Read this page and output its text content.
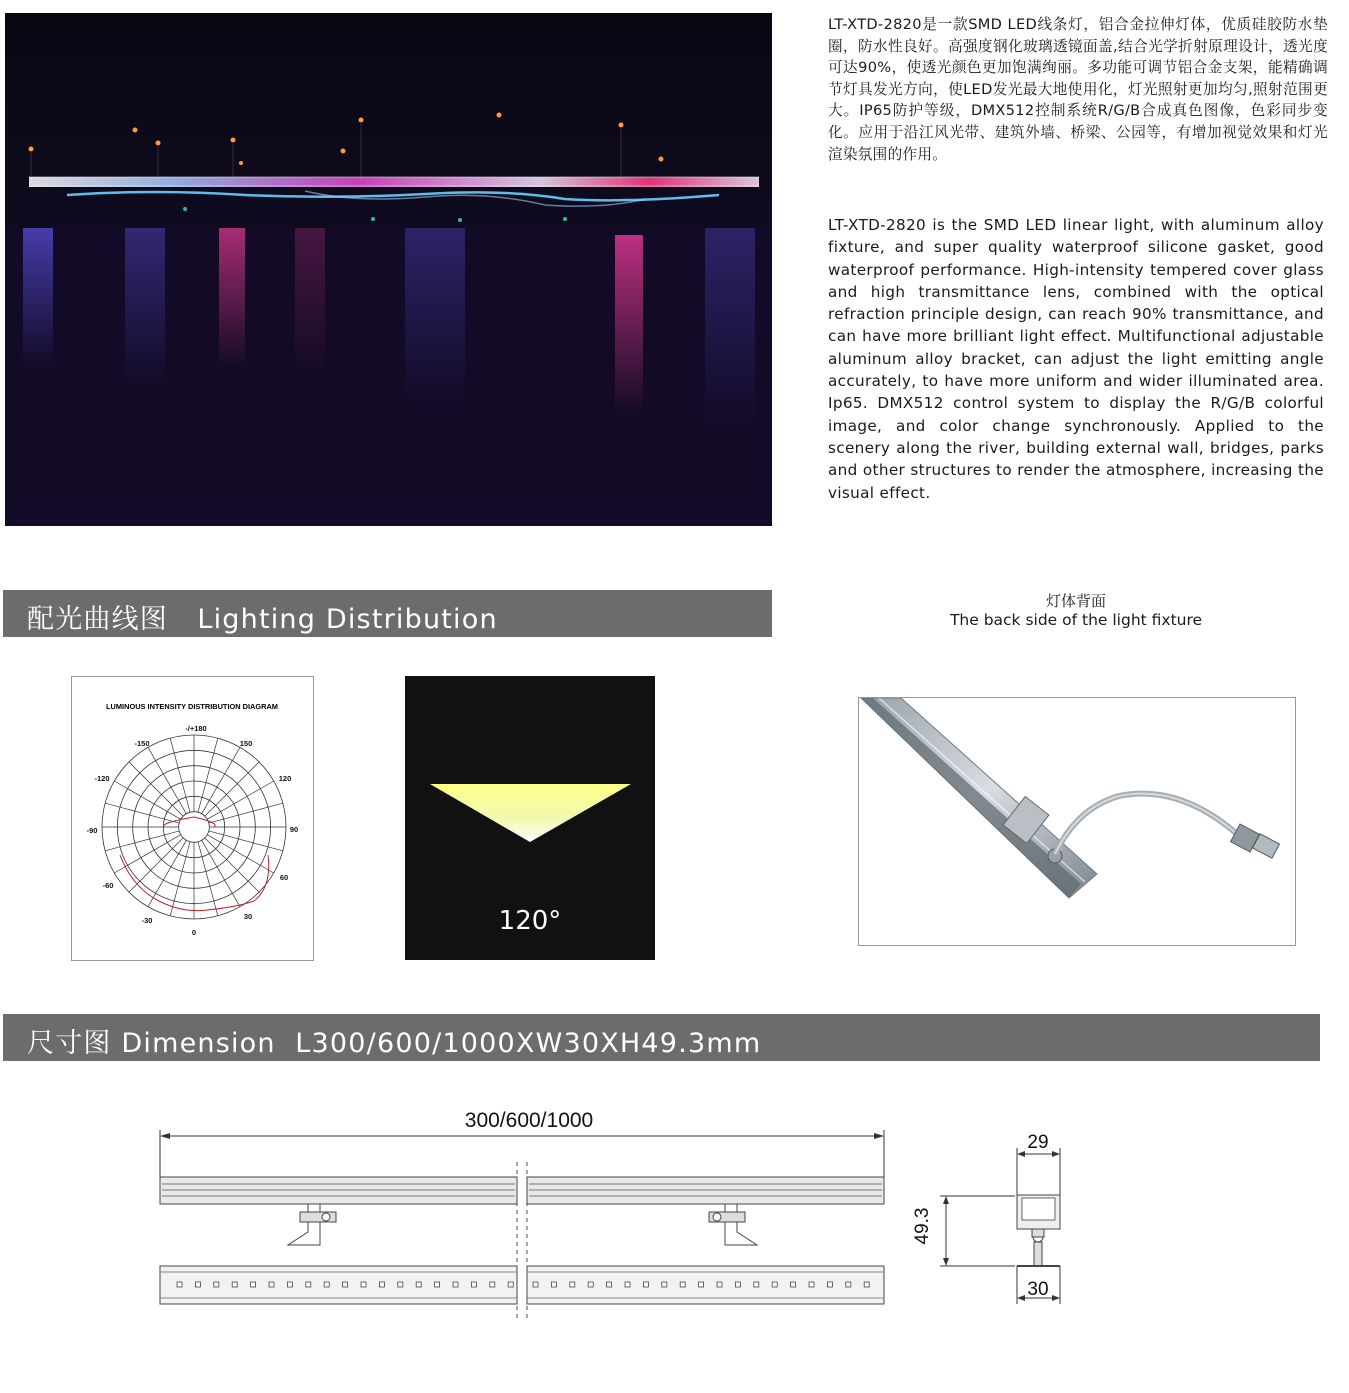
LT-XTD-2820是一款SMD LED线条灯，铝合金拉伸灯体，优质硅胶防水垫圈，防水性良好。高强度钢化玻璃透镜面盖,结合光学折射原理设计，透光度可达90%，使透光颜色更加饱满绚丽。多功能可调节铝合金支架，能精确调节灯具发光方向，使LED发光最大地使用化，灯光照射更加均匀,照射范围更大。IP65防护等级，DMX512控制系统R/G/B合成真色图像，色彩同步变化。应用于沿江风光带、建筑外墙、桥梁、公园等，有增加视觉效果和灯光渲染氛围的作用。
LT-XTD-2820 is the SMD LED linear light, with aluminum alloy fixture, and super quality waterproof silicone gasket, good waterproof performance. High-intensity tempered cover glass and high transmittance lens, combined with the optical refraction principle design, can reach 90% transmittance, and can have more brilliant light effect. Multifunctional adjustable aluminum alloy bracket, can adjust the light emitting angle accurately, to have more uniform and wider illuminated area. Ip65. DMX512 control system to display the R/G/B colorful image, and color change synchronously. Applied to the scenery along the river, building external wall, bridges, parks and other structures to render the atmosphere, increasing the visual effect.
配光曲线图   Lighting Distribution
灯体背面
The back side of the light fixture
LUMINOUS INTENSITY DISTRIBUTION DIAGRAM
-/+180
-150	150
-120	120
-90	90
-60
60
-30	30
0	120°
尺寸图 Dimension  L300/600/1000XW30XH49.3mm
300/600/1000
29
49.3
30
